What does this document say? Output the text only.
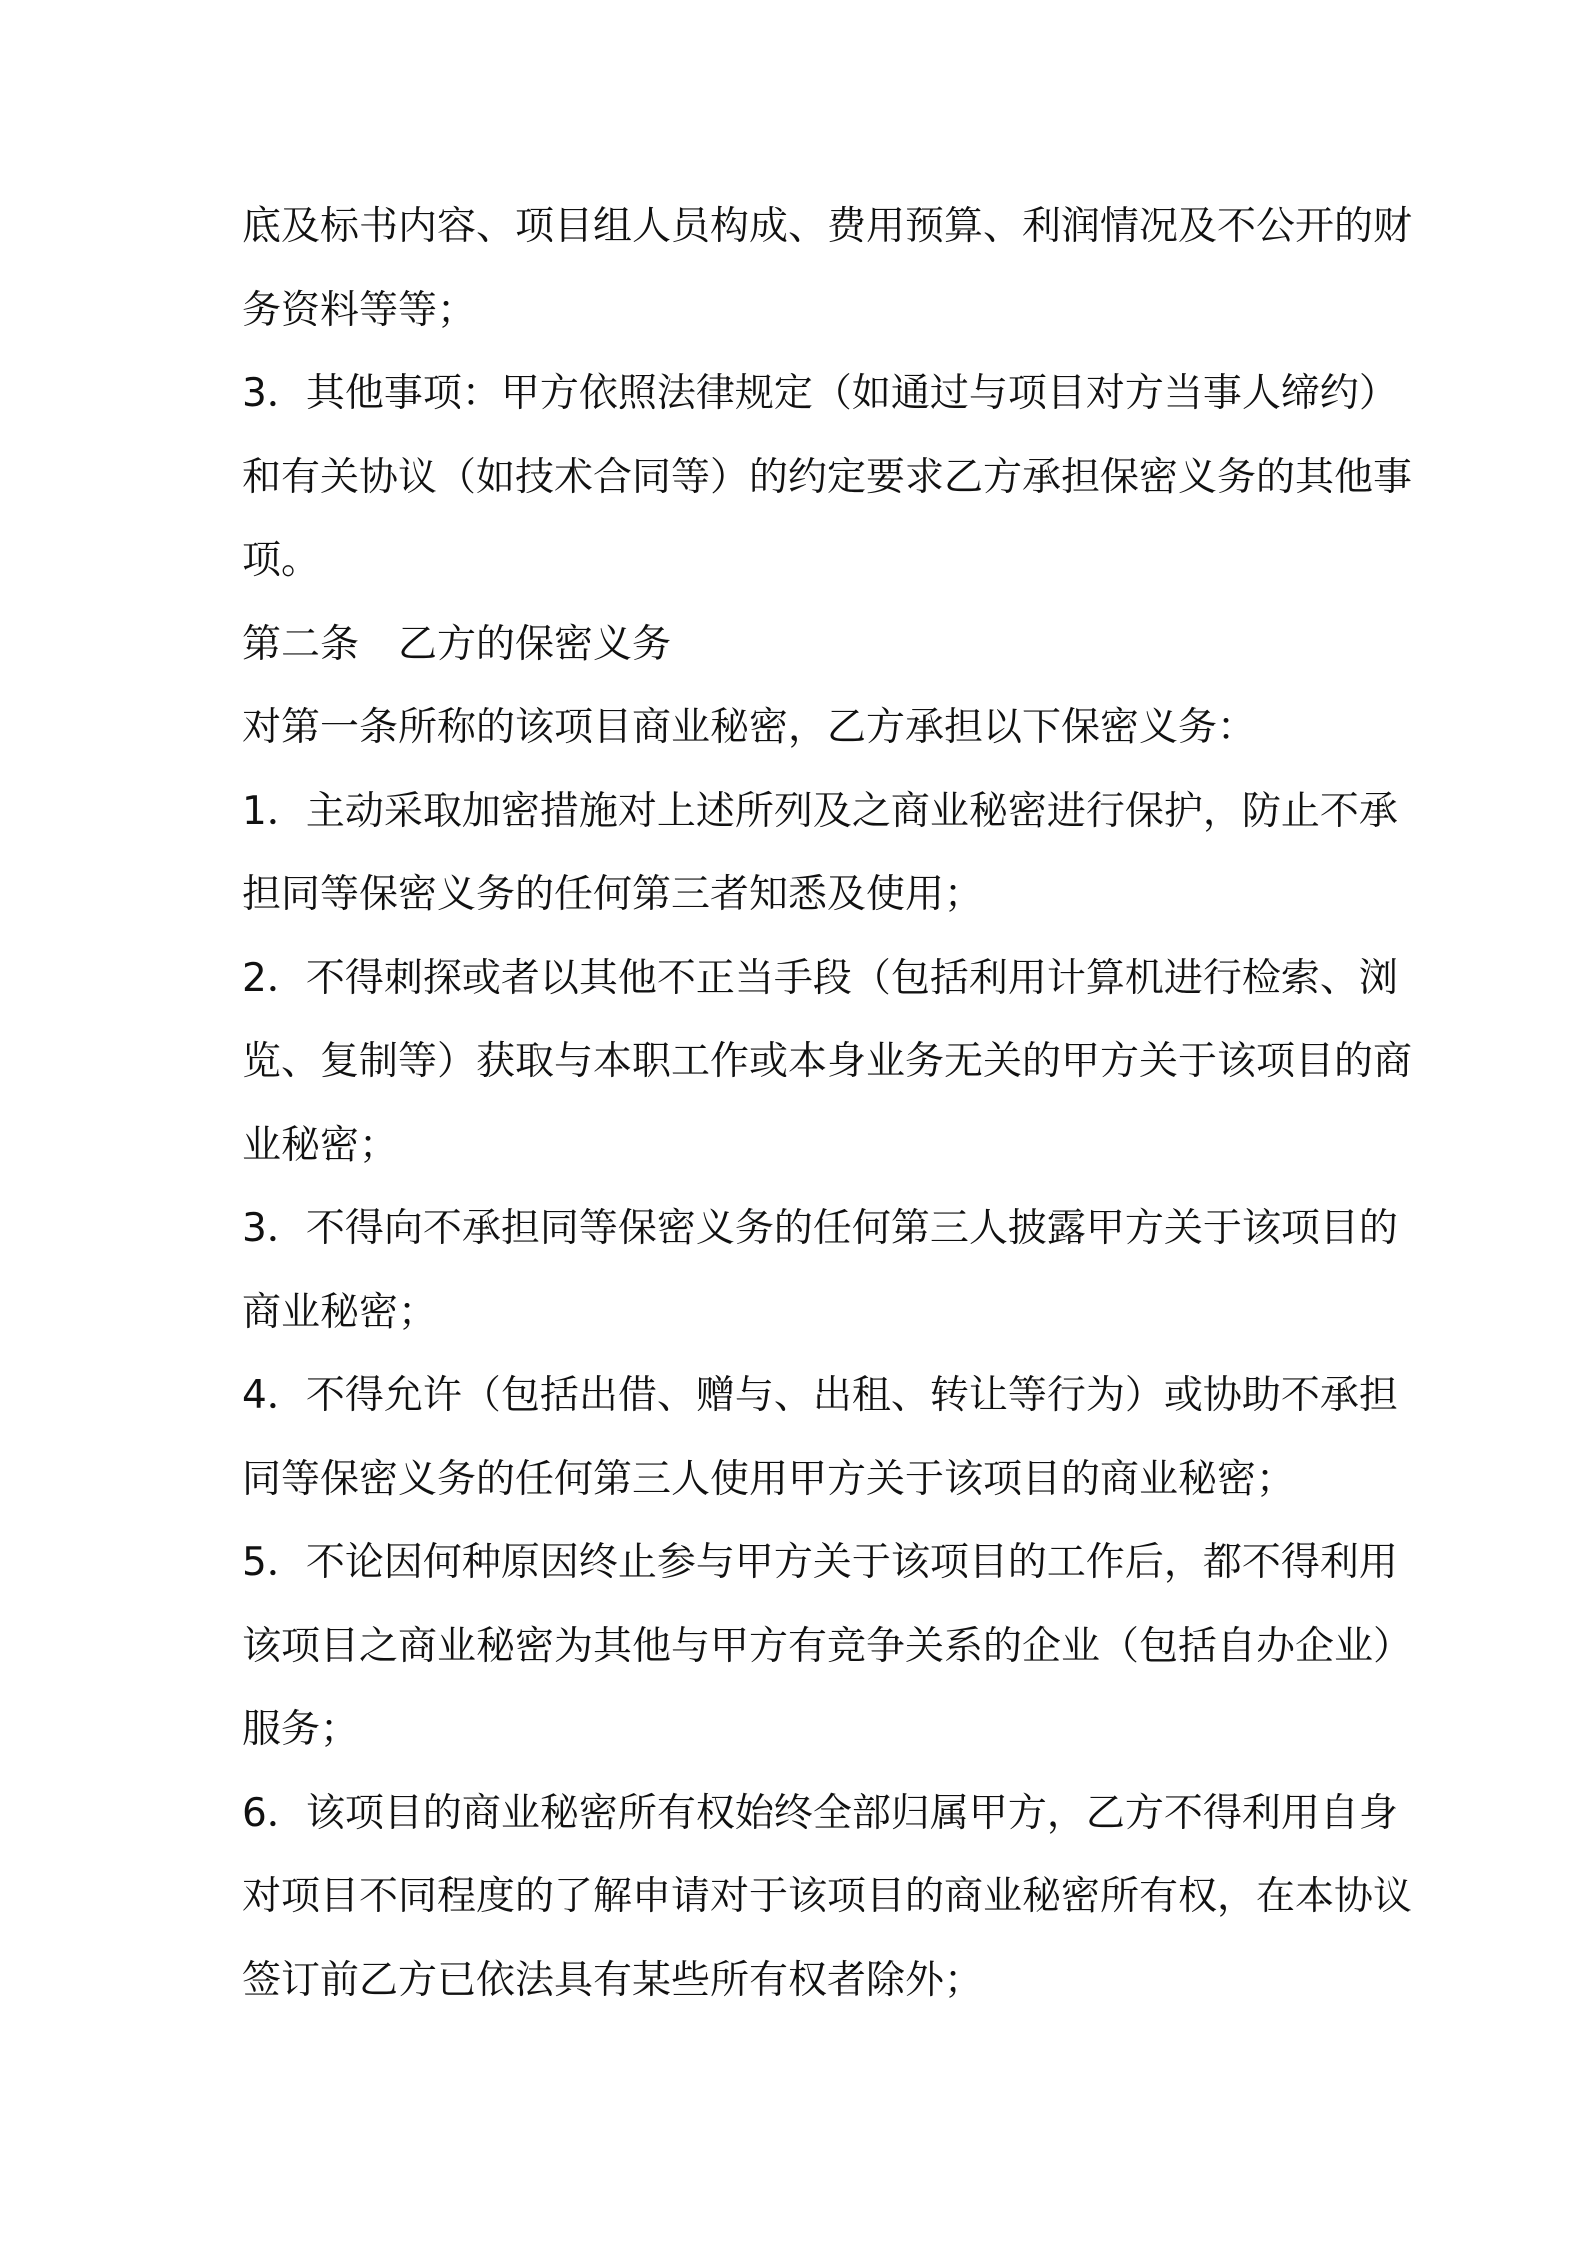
底及标书内容、项目组人员构成、费用预算、利润情况及不公开的财
务资料等等；
3．其他事项：甲方依照法律规定（如通过与项目对方当事人缔约）
和有关协议（如技术合同等）的约定要求乙方承担保密义务的其他事
项。
第二条　乙方的保密义务
对第一条所称的该项目商业秘密，乙方承担以下保密义务：
1．主动采取加密措施对上述所列及之商业秘密进行保护，防止不承
担同等保密义务的任何第三者知悉及使用；
2．不得刺探或者以其他不正当手段（包括利用计算机进行检索、浏
览、复制等）获取与本职工作或本身业务无关的甲方关于该项目的商
业秘密；
3．不得向不承担同等保密义务的任何第三人披露甲方关于该项目的
商业秘密；
4．不得允许（包括出借、赠与、出租、转让等行为）或协助不承担
同等保密义务的任何第三人使用甲方关于该项目的商业秘密；
5．不论因何种原因终止参与甲方关于该项目的工作后，都不得利用
该项目之商业秘密为其他与甲方有竞争关系的企业（包括自办企业）
服务；
6．该项目的商业秘密所有权始终全部归属甲方，乙方不得利用自身
对项目不同程度的了解申请对于该项目的商业秘密所有权，在本协议
签订前乙方已依法具有某些所有权者除外；
